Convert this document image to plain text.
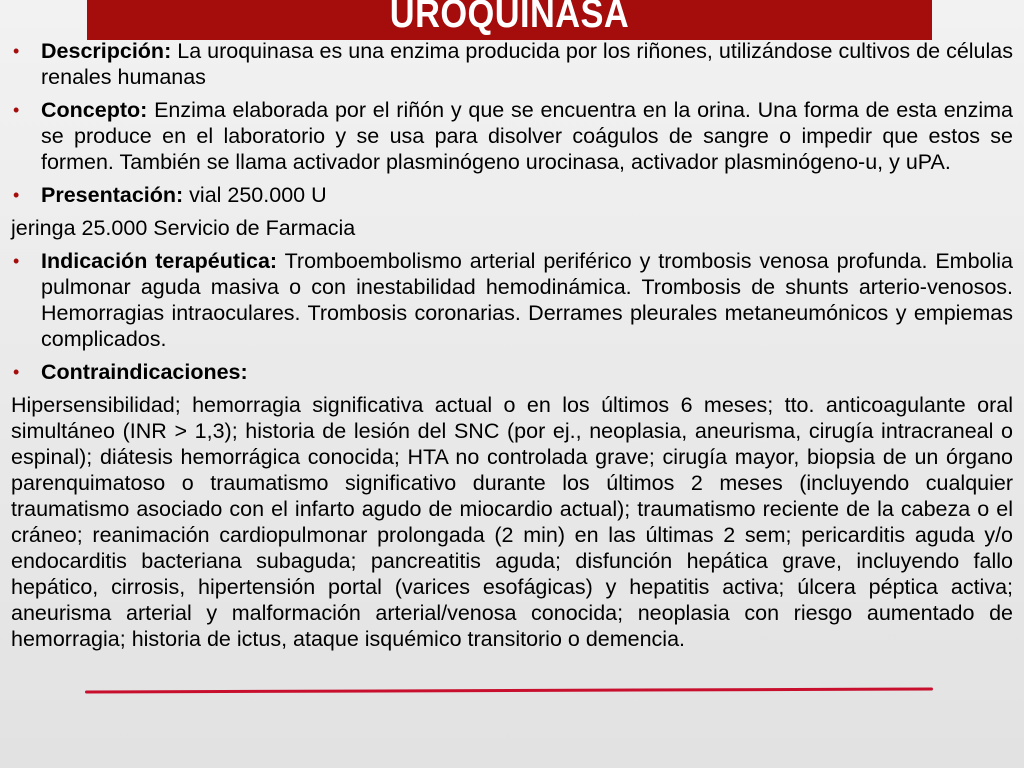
UROQUINASA
• Descripción: La uroquinasa es una enzima producida por los riñones, utilizándose cultivos de células renales humanas
• Concepto: Enzima elaborada por el riñón y que se encuentra en la orina. Una forma de esta enzima se produce en el laboratorio y se usa para disolver coágulos de sangre o impedir que estos se formen. También se llama activador plasminógeno urocinasa, activador plasminógeno-u, y uPA.
• Presentación: vial 250.000 U
jeringa 25.000 Servicio de Farmacia
• Indicación terapéutica: Tromboembolismo arterial periférico y trombosis venosa profunda. Embolia pulmonar aguda masiva o con inestabilidad hemodinámica. Trombosis de shunts arterio-venosos. Hemorragias intraoculares. Trombosis coronarias. Derrames pleurales metaneumónicos y empiemas complicados.
• Contraindicaciones:
Hipersensibilidad; hemorragia significativa actual o en los últimos 6 meses; tto. anticoagulante oral simultáneo (INR > 1,3); historia de lesión del SNC (por ej., neoplasia, aneurisma, cirugía intracraneal o espinal); diátesis hemorrágica conocida; HTA no controlada grave; cirugía mayor, biopsia de un órgano parenquimatoso o traumatismo significativo durante los últimos 2 meses (incluyendo cualquier traumatismo asociado con el infarto agudo de miocardio actual); traumatismo reciente de la cabeza o el cráneo; reanimación cardiopulmonar prolongada (2 min) en las últimas 2 sem; pericarditis aguda y/o endocarditis bacteriana subaguda; pancreatitis aguda; disfunción hepática grave, incluyendo fallo hepático, cirrosis, hipertensión portal (varices esofágicas) y hepatitis activa; úlcera péptica activa; aneurisma arterial y malformación arterial/venosa conocida; neoplasia con riesgo aumentado de hemorragia; historia de ictus, ataque isquémico transitorio o demencia.
